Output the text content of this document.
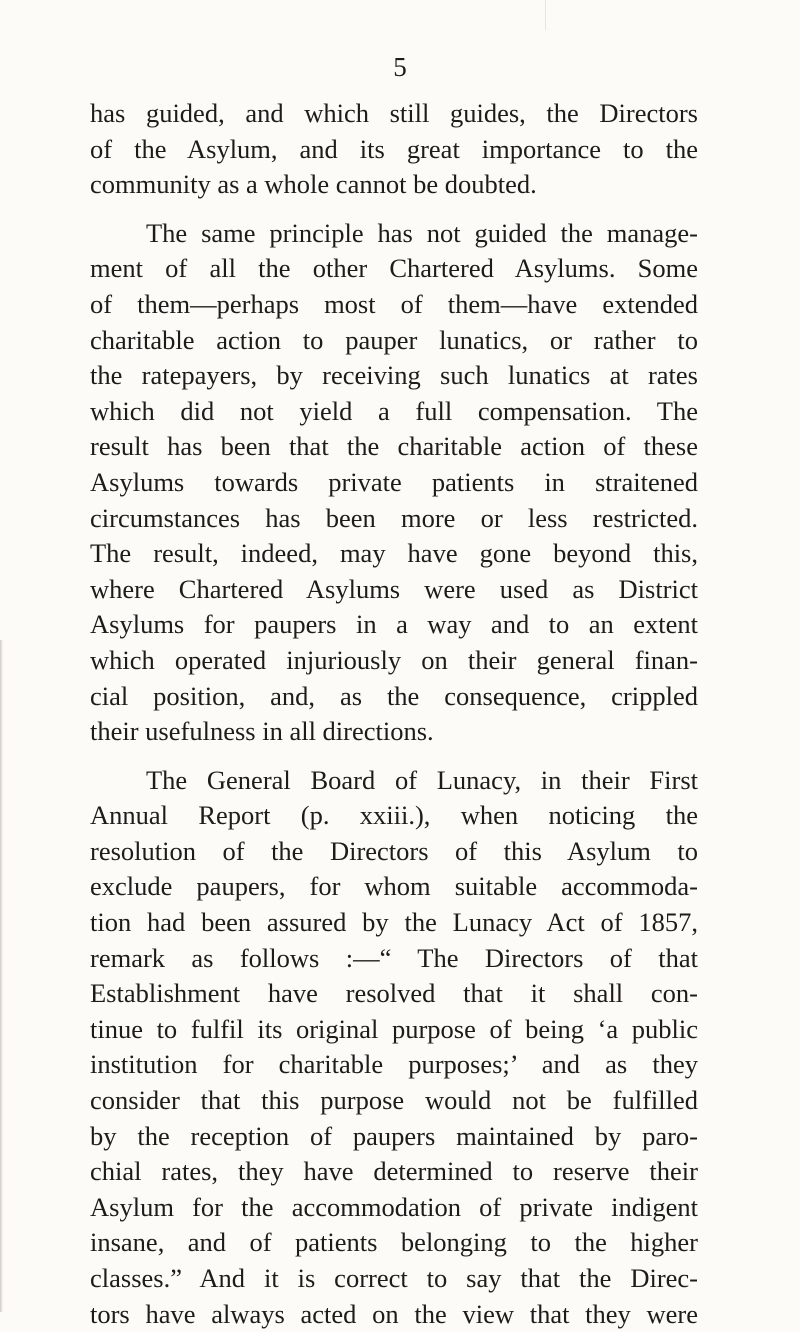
5
has guided, and which still guides, the Directors
of the Asylum, and its great importance to the
community as a whole cannot be doubted.
The same principle has not guided the manage-
ment of all the other Chartered Asylums. Some
of them—perhaps most of them—have extended
charitable action to pauper lunatics, or rather to
the ratepayers, by receiving such lunatics at rates
which did not yield a full compensation. The
result has been that the charitable action of these
Asylums towards private patients in straitened
circumstances has been more or less restricted.
The result, indeed, may have gone beyond this,
where Chartered Asylums were used as District
Asylums for paupers in a way and to an extent
which operated injuriously on their general finan-
cial position, and, as the consequence, crippled
their usefulness in all directions.
The General Board of Lunacy, in their First
Annual Report (p. xxiii.), when noticing the
resolution of the Directors of this Asylum to
exclude paupers, for whom suitable accommoda-
tion had been assured by the Lunacy Act of 1857,
remark as follows :—“ The Directors of that
Establishment have resolved that it shall con-
tinue to fulfil its original purpose of being ‘a public
institution for charitable purposes;’ and as they
consider that this purpose would not be fulfilled
by the reception of paupers maintained by paro-
chial rates, they have determined to reserve their
Asylum for the accommodation of private indigent
insane, and of patients belonging to the higher
classes.” And it is correct to say that the Direc-
tors have always acted on the view that they were
